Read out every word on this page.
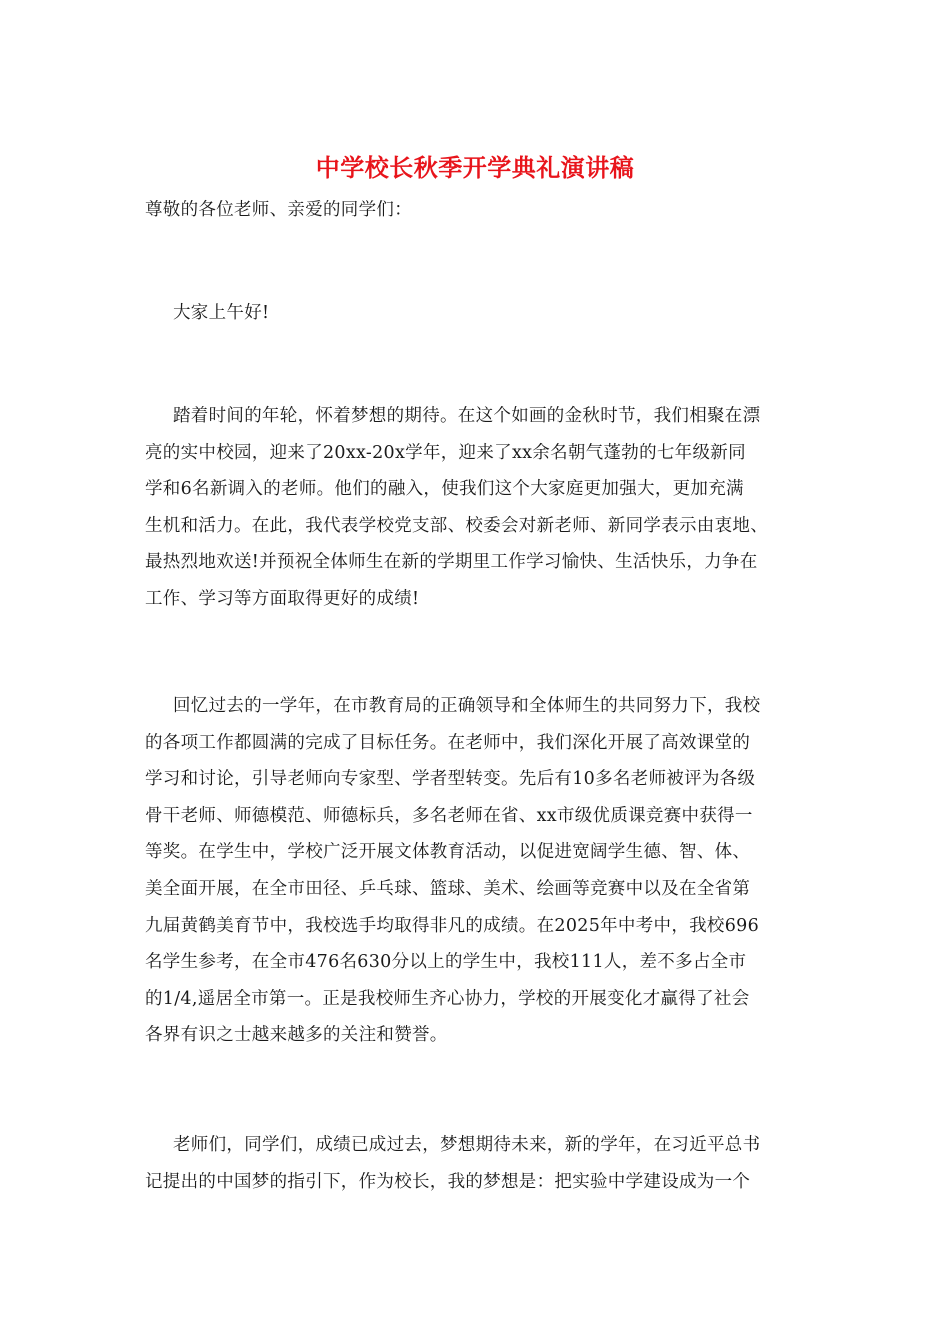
中学校长秋季开学典礼演讲稿
尊敬的各位老师、亲爱的同学们：
大家上午好!
踏着时间的年轮，怀着梦想的期待。在这个如画的金秋时节，我们相聚在漂
亮的实中校园，迎来了20xx-20x学年，迎来了xx余名朝气蓬勃的七年级新同
学和6名新调入的老师。他们的融入，使我们这个大家庭更加强大，更加充满
生机和活力。在此，我代表学校党支部、校委会对新老师、新同学表示由衷地、
最热烈地欢送!并预祝全体师生在新的学期里工作学习愉快、生活快乐，力争在
工作、学习等方面取得更好的成绩!
回忆过去的一学年，在市教育局的正确领导和全体师生的共同努力下，我校
的各项工作都圆满的完成了目标任务。在老师中，我们深化开展了高效课堂的
学习和讨论，引导老师向专家型、学者型转变。先后有10多名老师被评为各级
骨干老师、师德模范、师德标兵，多名老师在省、xx市级优质课竞赛中获得一
等奖。在学生中，学校广泛开展文体教育活动，以促进宽阔学生德、智、体、
美全面开展，在全市田径、乒乓球、篮球、美术、绘画等竞赛中以及在全省第
九届黄鹤美育节中，我校选手均取得非凡的成绩。在2025年中考中，我校696
名学生参考，在全市476名630分以上的学生中，我校111人，差不多占全市
的1/4,遥居全市第一。正是我校师生齐心协力，学校的开展变化才赢得了社会
各界有识之士越来越多的关注和赞誉。
老师们，同学们，成绩已成过去，梦想期待未来，新的学年，在习近平总书
记提出的中国梦的指引下，作为校长，我的梦想是：把实验中学建设成为一个
